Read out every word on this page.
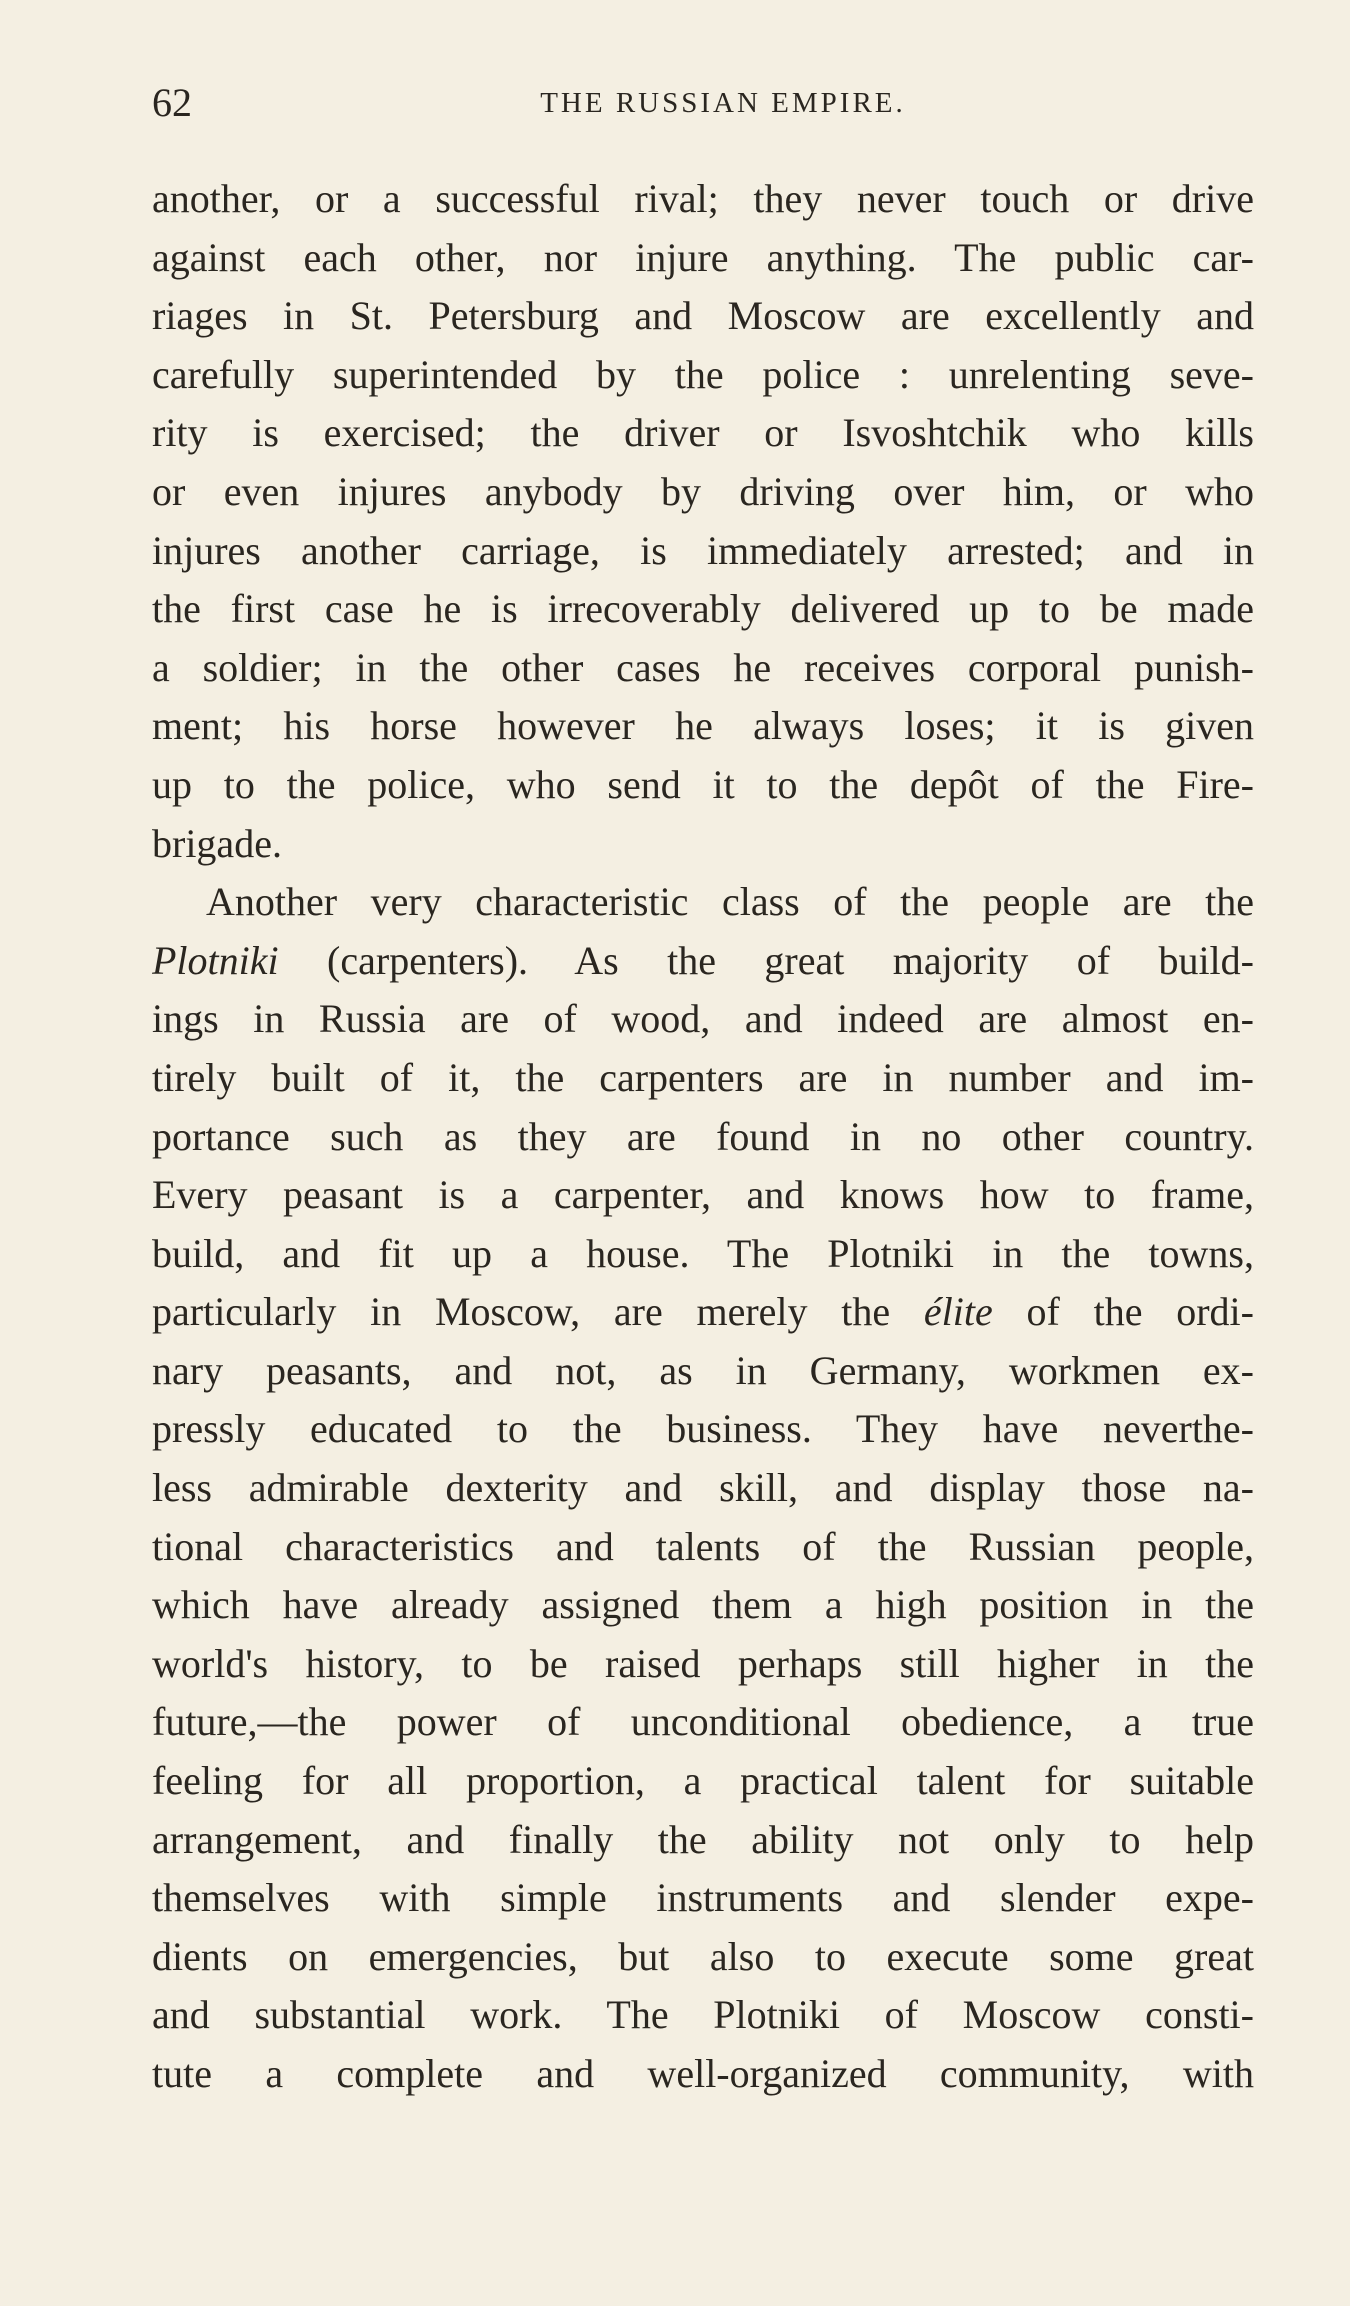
62	THE RUSSIAN EMPIRE.
another, or a successful rival; they never touch or drive
against each other, nor injure anything. The public car-
riages in St. Petersburg and Moscow are excellently and
carefully superintended by the police : unrelenting seve-
rity is exercised; the driver or Isvoshtchik who kills
or even injures anybody by driving over him, or who
injures another carriage, is immediately arrested; and in
the first case he is irrecoverably delivered up to be made
a soldier; in the other cases he receives corporal punish-
ment; his horse however he always loses; it is given
up to the police, who send it to the depôt of the Fire-
brigade.
Another very characteristic class of the people are the
Plotniki (carpenters). As the great majority of build-
ings in Russia are of wood, and indeed are almost en-
tirely built of it, the carpenters are in number and im-
portance such as they are found in no other country.
Every peasant is a carpenter, and knows how to frame,
build, and fit up a house. The Plotniki in the towns,
particularly in Moscow, are merely the élite of the ordi-
nary peasants, and not, as in Germany, workmen ex-
pressly educated to the business. They have neverthe-
less admirable dexterity and skill, and display those na-
tional characteristics and talents of the Russian people,
which have already assigned them a high position in the
world's history, to be raised perhaps still higher in the
future,—the power of unconditional obedience, a true
feeling for all proportion, a practical talent for suitable
arrangement, and finally the ability not only to help
themselves with simple instruments and slender expe-
dients on emergencies, but also to execute some great
and substantial work. The Plotniki of Moscow consti-
tute a complete and well-organized community, with
